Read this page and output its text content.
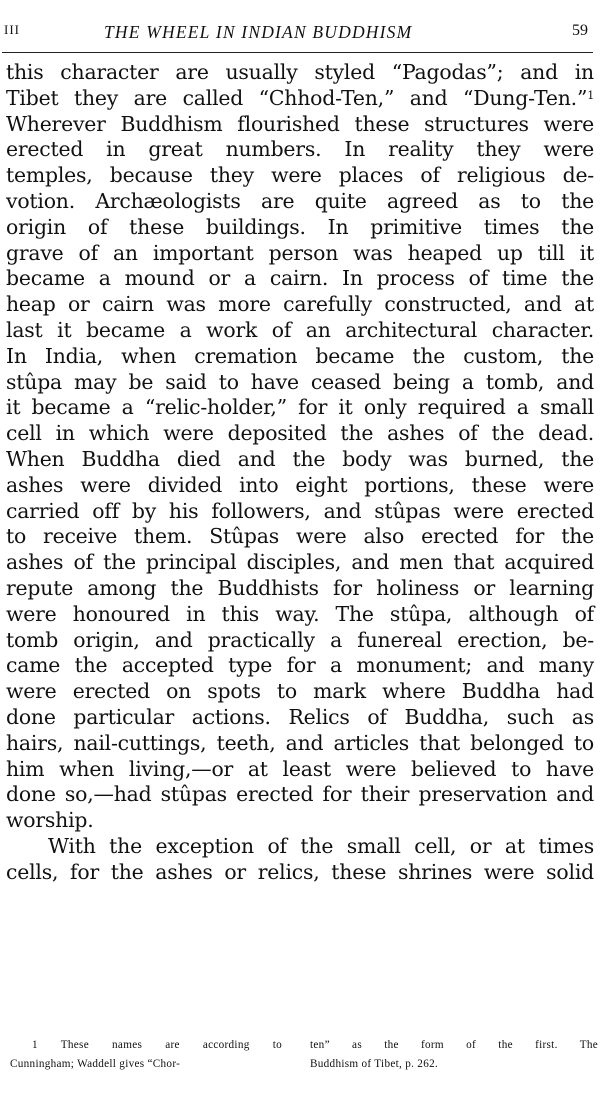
III	THE WHEEL IN INDIAN BUDDHISM	59
this character are usually styled “Pagodas”; and in
Tibet they are called “Chhod-Ten,” and “Dung-Ten.”$^1$
Wherever Buddhism flourished these structures were
erected in great numbers. In reality they were
temples, because they were places of religious de-
votion. Archæologists are quite agreed as to the
origin of these buildings. In primitive times the
grave of an important person was heaped up till it
became a mound or a cairn. In process of time the
heap or cairn was more carefully constructed, and at
last it became a work of an architectural character.
In India, when cremation became the custom, the
stûpa may be said to have ceased being a tomb, and
it became a “relic-holder,” for it only required a small
cell in which were deposited the ashes of the dead.
When Buddha died and the body was burned, the
ashes were divided into eight portions, these were
carried off by his followers, and stûpas were erected
to receive them. Stûpas were also erected for the
ashes of the principal disciples, and men that acquired
repute among the Buddhists for holiness or learning
were honoured in this way. The stûpa, although of
tomb origin, and practically a funereal erection, be-
came the accepted type for a monument; and many
were erected on spots to mark where Buddha had
done particular actions. Relics of Buddha, such as
hairs, nail-cuttings, teeth, and articles that belonged to
him when living,—or at least were believed to have
done so,—had stûpas erected for their preservation and
worship.
With the exception of the small cell, or at times
cells, for the ashes or relics, these shrines were solid
1 These names are according to
Cunningham; Waddell gives “Chor-
ten” as the form of the first. The
Buddhism of Tibet, p. 262.
